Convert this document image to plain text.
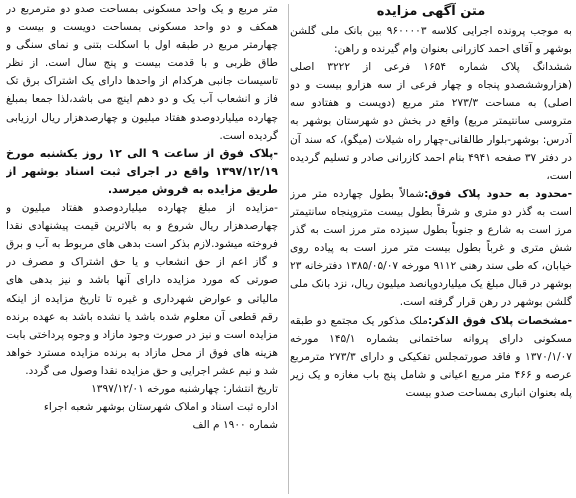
متن آگهی مزایده

به موجب پرونده اجرایی کلاسه ۹۶۰۰۰۰۳ بین بانک ملی گلشن بوشهر و آقای احمد کازرانی بعنوان وام گیرنده و راهن:

ششدانگ پلاک شماره ۱۶۵۴ فرعی از ۳۲۲۲ اصلی (هزاروششصدو پنجاه و چهار فرعی از سه هزارو بیست و دو اصلی) به مساحت ۲۷۳/۳ متر مربع (دویست و هفتادو سه متروسی سانتیمتر مربع) واقع در بخش دو شهرستان بوشهر به آدرس: بوشهر-بلوار طالقانی-چهار راه شیلات (میگو)، که سند آن در دفتر ۳۷ صفحه ۴۹۴۱ بنام احمد کازرانی صادر و تسلیم گردیده است،

-محدود به حدود پلاک فوق:شمالاً بطول چهارده متر مرز است به گذر دو متری و شرقاً بطول بیست متروپنجاه سانتیمتر مرز است به شارع و جنوباً بطول سیزده متر مرز است به گذر شش متری و غرباً بطول بیست متر مرز است به پیاده روی خیابان، که طی سند رهنی ۹۱۱۲ مورخه ۱۳۸۵/۰۵/۰۷ دفترخانه ۲۳ بوشهر در قبال مبلغ یک میلیاردوپانصد میلیون ریال، نزد بانک ملی گلشن بوشهر در رهن قرار گرفته است.

-مشخصات پلاک فوق الذکر:ملک مذکور یک مجتمع دو طبقه مسکونی دارای پروانه ساختمانی بشماره ۱۴۵/۱ مورخه ۱۳۷۰/۱/۰۷ و فاقد صورتمجلس تفکیکی و دارای ۲۷۳/۳ مترمربع عرصه و ۴۶۶ متر مربع اعیانی و شامل پنج باب مغازه و یک زیر پله بعنوان انباری بمساحت صدو بیست

متر مربع و یک واحد مسکونی بمساحت صدو دو مترمربع در همکف و دو واحد مسکونی بمساحت دویست و بیست و چهارمتر مربع در طبقه اول با اسکلت بتنی و نمای سنگی و طاق ظربی و با قدمت بیست و پنج سال است. از نظر تاسیسات جانبی هرکدام از واحدها دارای یک اشتراک برق تک فاز و انشعاب آب یک و دو دهم اینچ می باشد،لذا جمعا بمبلغ چهارده میلیاردوصدو هفتاد میلیون و چهارصدهزار ریال ارزیابی گردیده است.

-پلاک فوق از ساعت ۹ الی ۱۲ روز یکشنبه مورخ ۱۳۹۷/۱۲/۱۹ واقع در اجرای ثبت اسناد بوشهر از طریق مزایده به فروش میرسد.

-مزایده از مبلغ چهارده میلیاردوصدو هفتاد میلیون و چهارصدهزار ریال شروع و به بالاترین قیمت پیشنهادی نقدا فروخته میشود.لازم بذکر است بدهی های مربوط به آب و برق و گاز اعم از حق انشعاب و یا حق اشتراک و مصرف در صورتی که مورد مزایده دارای آنها باشد و نیز بدهی های مالیاتی و عوارض شهرداری و غیره تا تاریخ مزایده از اینکه رقم قطعی آن معلوم شده باشد یا نشده باشد به عهده برنده مزایده است و نیز در صورت وجود مازاد و وجوه پرداختی بابت هزینه های فوق از محل مازاد به برنده مزایده مسترد خواهد شد و نیم عشر اجرایی و حق مزایده نقدا وصول می گردد.

تاریخ انتشار: چهارشنبه مورخه ۱۳۹۷/۱۲/۰۱

اداره ثبت اسناد و املاک شهرستان بوشهر شعبه اجراء

شماره ۱۹۰۰ م الف
